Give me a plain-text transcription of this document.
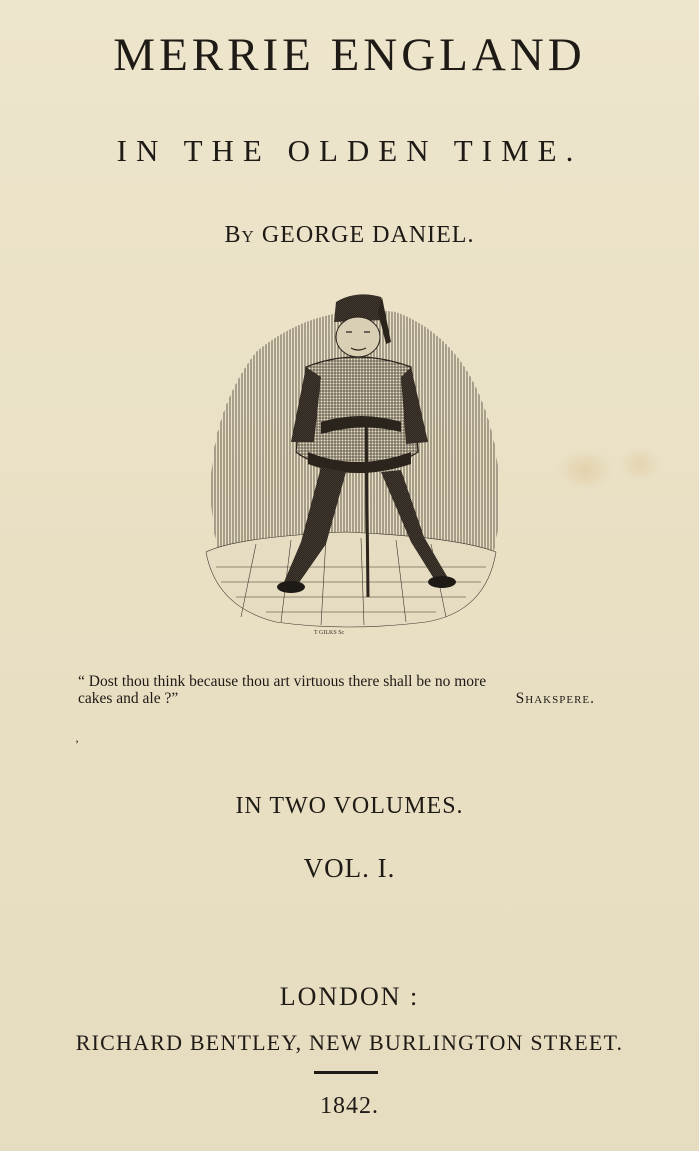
MERRIE ENGLAND
IN THE OLDEN TIME.
By GEORGE DANIEL.
T GILKS Sc
“ Dost thou think because thou art virtuous there shall be no more
cakes and ale ?”	Shakspere.
’
IN TWO VOLUMES.
VOL. I.
LONDON :
RICHARD BENTLEY, NEW BURLINGTON STREET.
1842.
